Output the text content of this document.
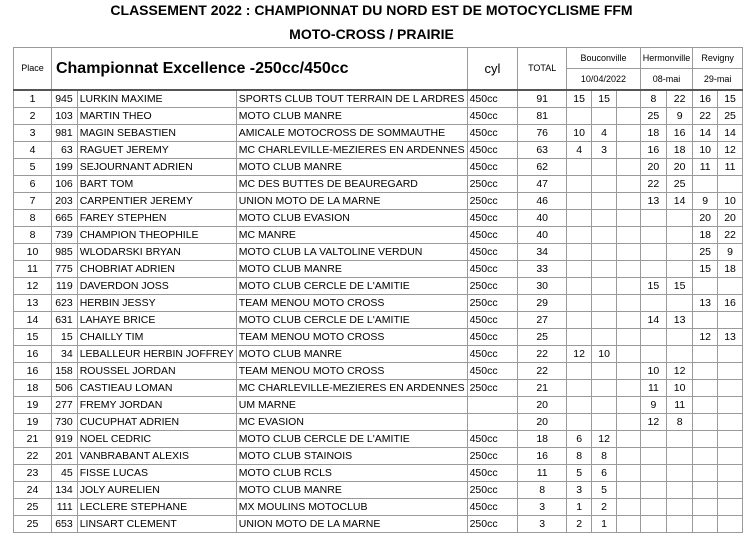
CLASSEMENT 2022 : CHAMPIONNAT DU NORD EST DE MOTOCYCLISME FFM
MOTO-CROSS / PRAIRIE
Place	Championnat Excellence -250cc/450cc			cyl	TOTAL	Bouconville			Hermonville		Revigny	
						10/04/2022			08-mai		29-mai	
1	945	LURKIN MAXIME	SPORTS CLUB TOUT TERRAIN DE L ARDRES	450cc	91	15	15		8	22	16	15
2	103	MARTIN THEO	MOTO CLUB MANRE	450cc	81				25	9	22	25
3	981	MAGIN SEBASTIEN	AMICALE MOTOCROSS DE SOMMAUTHE	450cc	76	10	4		18	16	14	14
4	63	RAGUET JEREMY	MC CHARLEVILLE-MEZIERES EN ARDENNES	450cc	63	4	3		16	18	10	12
5	199	SEJOURNANT ADRIEN	MOTO CLUB MANRE	450cc	62				20	20	11	11
6	106	BART TOM	MC DES BUTTES DE BEAUREGARD	250cc	47				22	25		
7	203	CARPENTIER JEREMY	UNION MOTO DE LA MARNE	250cc	46				13	14	9	10
8	665	FAREY STEPHEN	MOTO CLUB EVASION	450cc	40						20	20
8	739	CHAMPION THEOPHILE	MC MANRE	450cc	40						18	22
10	985	WLODARSKI BRYAN	MOTO CLUB LA VALTOLINE VERDUN	450cc	34						25	9
11	775	CHOBRIAT ADRIEN	MOTO CLUB MANRE	450cc	33						15	18
12	119	DAVERDON JOSS	MOTO CLUB CERCLE DE L'AMITIE	250cc	30				15	15		
13	623	HERBIN JESSY	TEAM MENOU MOTO CROSS	250cc	29						13	16
14	631	LAHAYE BRICE	MOTO CLUB CERCLE DE L'AMITIE	450cc	27				14	13		
15	15	CHAILLY TIM	TEAM MENOU MOTO CROSS	450cc	25						12	13
16	34	LEBALLEUR HERBIN JOFFREY	MOTO CLUB MANRE	450cc	22	12	10					
16	158	ROUSSEL JORDAN	TEAM MENOU MOTO CROSS	450cc	22				10	12		
18	506	CASTIEAU LOMAN	MC CHARLEVILLE-MEZIERES EN ARDENNES	250cc	21				11	10		
19	277	FREMY JORDAN	UM MARNE		20				9	11		
19	730	CUCUPHAT ADRIEN	MC EVASION		20				12	8		
21	919	NOEL CEDRIC	MOTO CLUB CERCLE DE L'AMITIE	450cc	18	6	12					
22	201	VANBRABANT ALEXIS	MOTO CLUB STAINOIS	250cc	16	8	8					
23	45	FISSE LUCAS	MOTO CLUB RCLS	450cc	11	5	6					
24	134	JOLY AURELIEN	MOTO CLUB MANRE	250cc	8	3	5					
25	111	LECLERE STEPHANE	MX MOULINS MOTOCLUB	450cc	3	1	2					
25	653	LINSART CLEMENT	UNION MOTO DE LA MARNE	250cc	3	2	1					
